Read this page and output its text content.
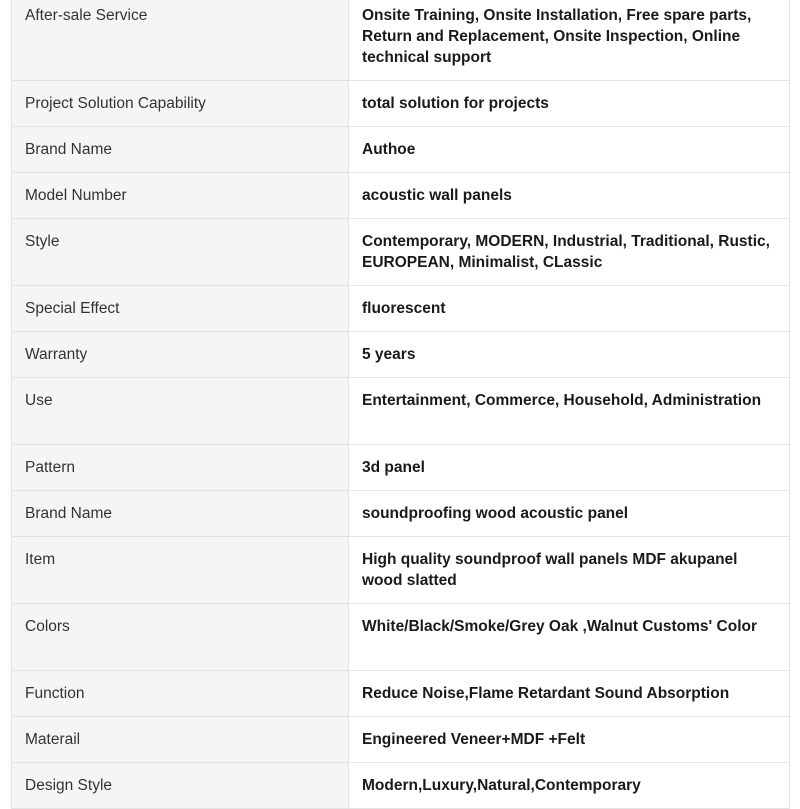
After-sale Service	Onsite Training, Onsite Installation, Free spare parts, Return and Replacement, Onsite Inspection, Online technical support
Project Solution Capability	total solution for projects
Brand Name	Authoe
Model Number	acoustic wall panels
Style	Contemporary, MODERN, Industrial, Traditional, Rustic, EUROPEAN, Minimalist, CLassic
Special Effect	fluorescent
Warranty	5 years
Use	Entertainment, Commerce, Household, Administration
Pattern	3d panel
Brand Name	soundproofing wood acoustic panel
Item	High quality soundproof wall panels MDF akupanel wood slatted
Colors	White/Black/Smoke/Grey Oak ,Walnut Customs' Color
Function	Reduce Noise,Flame Retardant Sound Absorption
Materail	Engineered Veneer+MDF +Felt
Design Style	Modern,Luxury,Natural,Contemporary
